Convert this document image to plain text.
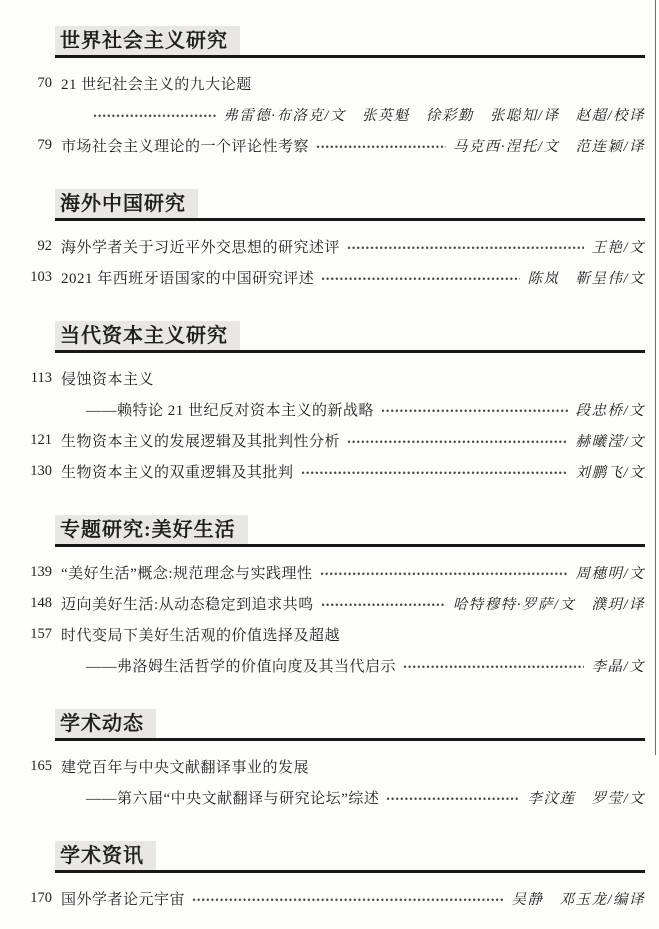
世界社会主义研究
70 21 世纪社会主义的九大论题
弗雷德·布洛克/文　张英魁　徐彩勤　张聪知/译　赵超/校译
79 市场社会主义理论的一个评论性考察	马克西·涅托/文　范连颖/译
海外中国研究
92 海外学者关于习近平外交思想的研究述评	王艳/文
103 2021 年西班牙语国家的中国研究评述	陈岚　靳呈伟/文
当代资本主义研究
113 侵蚀资本主义
——赖特论 21 世纪反对资本主义的新战略	段忠桥/文
121 生物资本主义的发展逻辑及其批判性分析	赫曦滢/文
130 生物资本主义的双重逻辑及其批判	刘鹏飞/文
专题研究:美好生活
139 “美好生活”概念:规范理念与实践理性	周穗明/文
148 迈向美好生活:从动态稳定到追求共鸣	哈特穆特·罗萨/文　濮玥/译
157 时代变局下美好生活观的价值选择及超越
——弗洛姆生活哲学的价值向度及其当代启示	李晶/文
学术动态
165 建党百年与中央文献翻译事业的发展
——第六届“中央文献翻译与研究论坛”综述	李汶莲　罗莹/文
学术资讯
170 国外学者论元宇宙	吴静　邓玉龙/编译
